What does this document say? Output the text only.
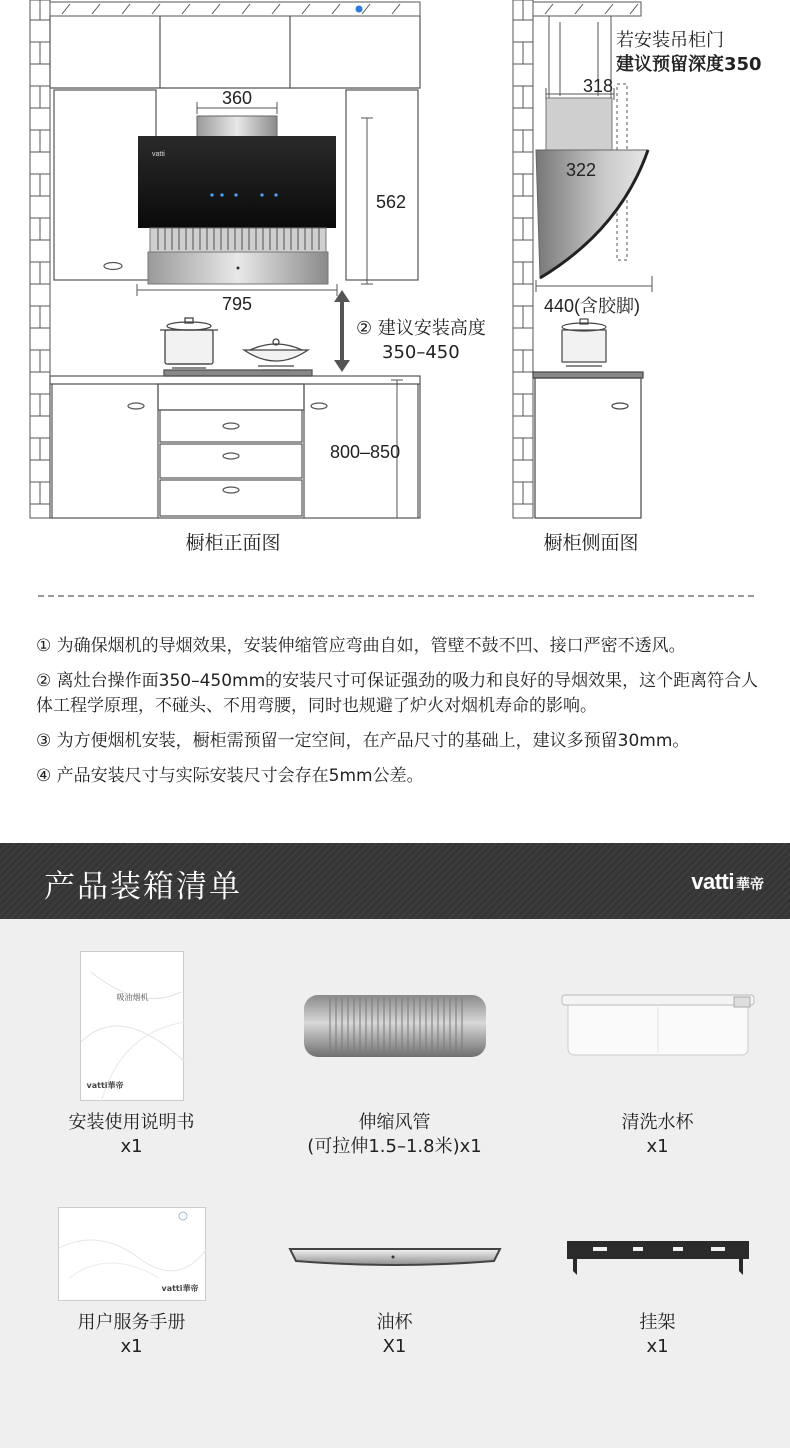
vatti
360
562
795
800–850
② 建议安装高度
350–450
若安装吊柜门
建议预留深度350
318
322
440(含胶脚)
橱柜正面图	橱柜侧面图

① 为确保烟机的导烟效果，安装伸缩管应弯曲自如，管壁不鼓不凹、接口严密不透风。

② 离灶台操作面350–450mm的安装尺寸可保证强劲的吸力和良好的导烟效果，这个距离符合人体工程学原理，不碰头、不用弯腰，同时也规避了炉火对烟机寿命的影响。

③ 为方便烟机安装，橱柜需预留一定空间，在产品尺寸的基础上，建议多预留30mm。

④ 产品安装尺寸与实际安装尺寸会存在5mm公差。

产品装箱清单	vatti 華帝
吸油烟机
vatti華帝
安装使用说明书
x1
伸缩风管
(可拉伸1.5–1.8米)x1
清洗水杯
x1
vatti華帝
用户服务手册
x1
油杯
X1
挂架
x1
